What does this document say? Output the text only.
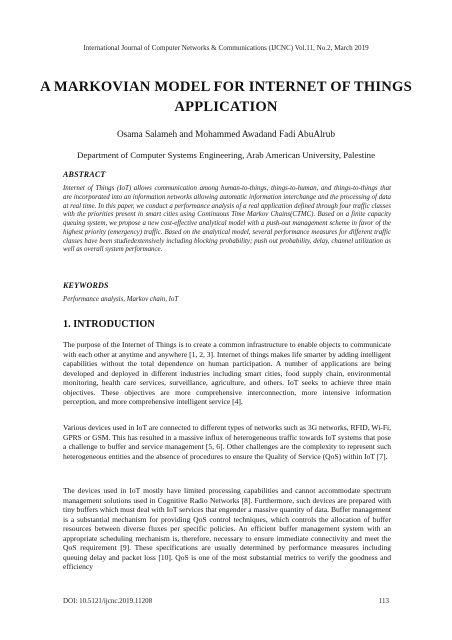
International Journal of Computer Networks & Communications (IJCNC) Vol.11, No.2, March 2019
A MARKOVIAN MODEL FOR INTERNET OF THINGS
APPLICATION
Osama Salameh and Mohammed Awadand Fadi AbuAlrub
Department of Computer Systems Engineering, Arab American University, Palestine
ABSTRACT
Internet of Things (IoT) allows communication among human-to-things, things-to-human, and things-to-things that are incorporated into an information networks allowing automatic information interchange and the processing of data at real time. In this paper, we conduct a performance analysis of a real application defined through four traffic classes with the priorities present in smart cities using Continuous Time Markov Chains(CTMC). Based on a finite capacity queuing system, we propose a new cost-effective analytical model with a push-out management scheme in favor of the highest priority (emergency) traffic. Based on the analytical model, several performance measures for different traffic classes have been studiedextensively including blocking probability; push out probability, delay, channel utilization as well as overall system performance.
KEYWORDS
Performance analysis, Markov chain, IoT
1. INTRODUCTION
The purpose of the Internet of Things is to create a common infrastructure to enable objects to communicate with each other at anytime and anywhere [1, 2, 3]. Internet of things makes life smarter by adding intelligent capabilities without the total dependence on human participation. A number of applications are being developed and deployed in different industries including smart cities, food supply chain, environmental monitoring, health care services, surveillance, agriculture, and others. IoT seeks to achieve three main objectives. These objectives are more comprehensive interconnection, more intensive information perception, and more comprehensive intelligent service [4].
Various devices used in IoT are connected to different types of networks such as 3G networks, RFID, Wi-Fi, GPRS or GSM. This has resulted in a massive influx of heterogeneous traffic towards IoT systems that pose a challenge to buffer and service management [5, 6]. Other challenges are the complexity to represent such heterogeneous entities and the absence of procedures to ensure the Quality of Service (QoS) within IoT [7].
The devices used in IoT mostly have limited processing capabilities and cannot accommodate spectrum management solutions used in Cognitive Radio Networks [8]. Furthermore, such devices are prepared with tiny buffers which must deal with IoT services that engender a massive quantity of data. Buffer management is a substantial mechanism for providing QoS control techniques, which controls the allocation of buffer resources between diverse fluxes per specific policies. An efficient buffer management system with an appropriate scheduling mechanism is, therefore, necessary to ensure immediate connectivity and meet the QoS requirement [9]. These specifications are usually determined by performance measures including queuing delay and packet loss [10]. QoS is one of the most substantial metrics to verify the goodness and efficiency
DOI: 10.5121/ijcnc.2019.11208	113
